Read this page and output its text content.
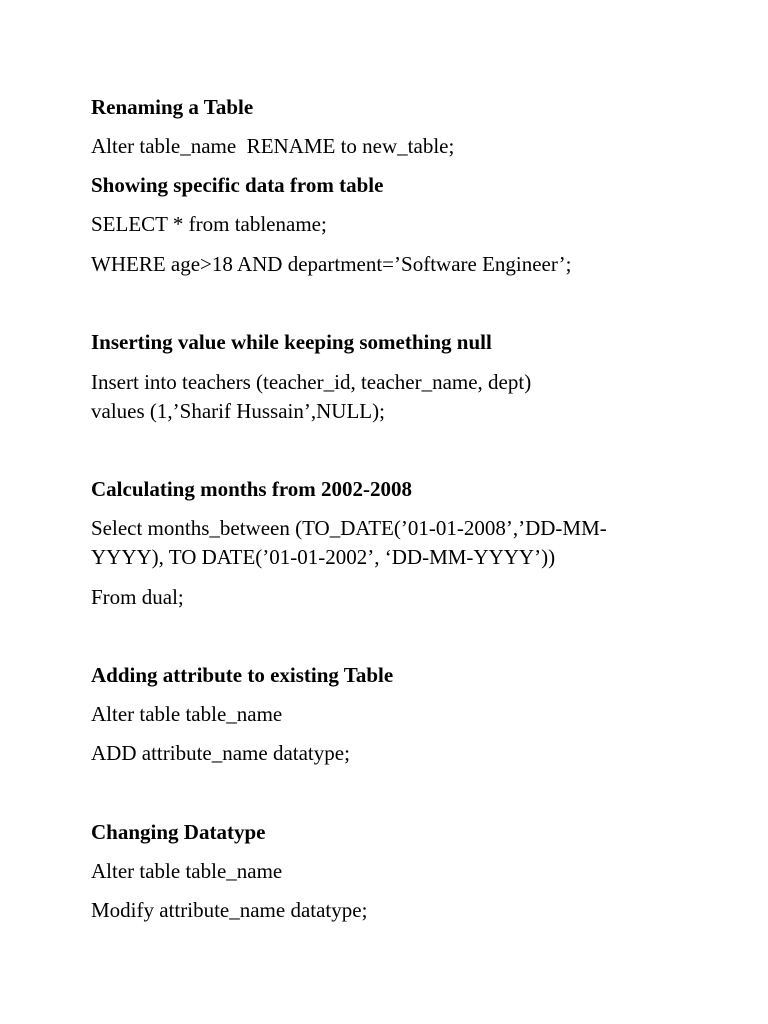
Renaming a Table
Alter table_name  RENAME to new_table;
Showing specific data from table
SELECT * from tablename;
WHERE age>18 AND department=’Software Engineer’;
Inserting value while keeping something null
Insert into teachers (teacher_id, teacher_name, dept)
values (1,’Sharif Hussain’,NULL);
Calculating months from 2002-2008
Select months_between (TO_DATE(’01-01-2008’,’DD-MM-
YYYY), TO DATE(’01-01-2002’, ‘DD-MM-YYYY’))
From dual;
Adding attribute to existing Table
Alter table table_name
ADD attribute_name datatype;
Changing Datatype
Alter table table_name
Modify attribute_name datatype;
